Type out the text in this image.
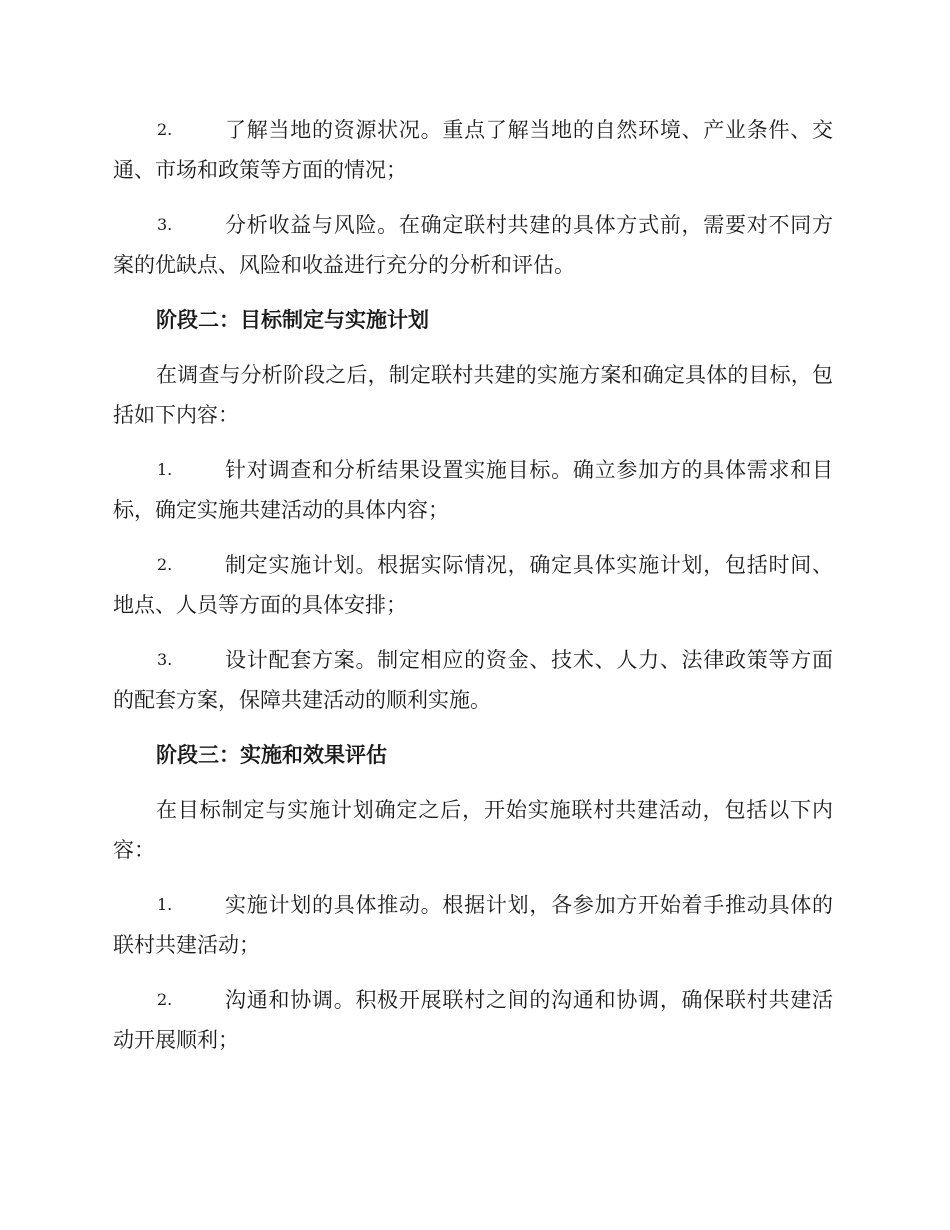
2.	了解当地的资源状况。重点了解当地的自然环境、产业条件、交通、市场和政策等方面的情况；
3.	分析收益与风险。在确定联村共建的具体方式前，需要对不同方案的优缺点、风险和收益进行充分的分析和评估。
阶段二：目标制定与实施计划
在调查与分析阶段之后，制定联村共建的实施方案和确定具体的目标，包括如下内容：
1.	针对调查和分析结果设置实施目标。确立参加方的具体需求和目标，确定实施共建活动的具体内容；
2.	制定实施计划。根据实际情况，确定具体实施计划，包括时间、地点、人员等方面的具体安排；
3.	设计配套方案。制定相应的资金、技术、人力、法律政策等方面的配套方案，保障共建活动的顺利实施。
阶段三：实施和效果评估
在目标制定与实施计划确定之后，开始实施联村共建活动，包括以下内容：
1.	实施计划的具体推动。根据计划，各参加方开始着手推动具体的联村共建活动；
2.	沟通和协调。积极开展联村之间的沟通和协调，确保联村共建活动开展顺利；
